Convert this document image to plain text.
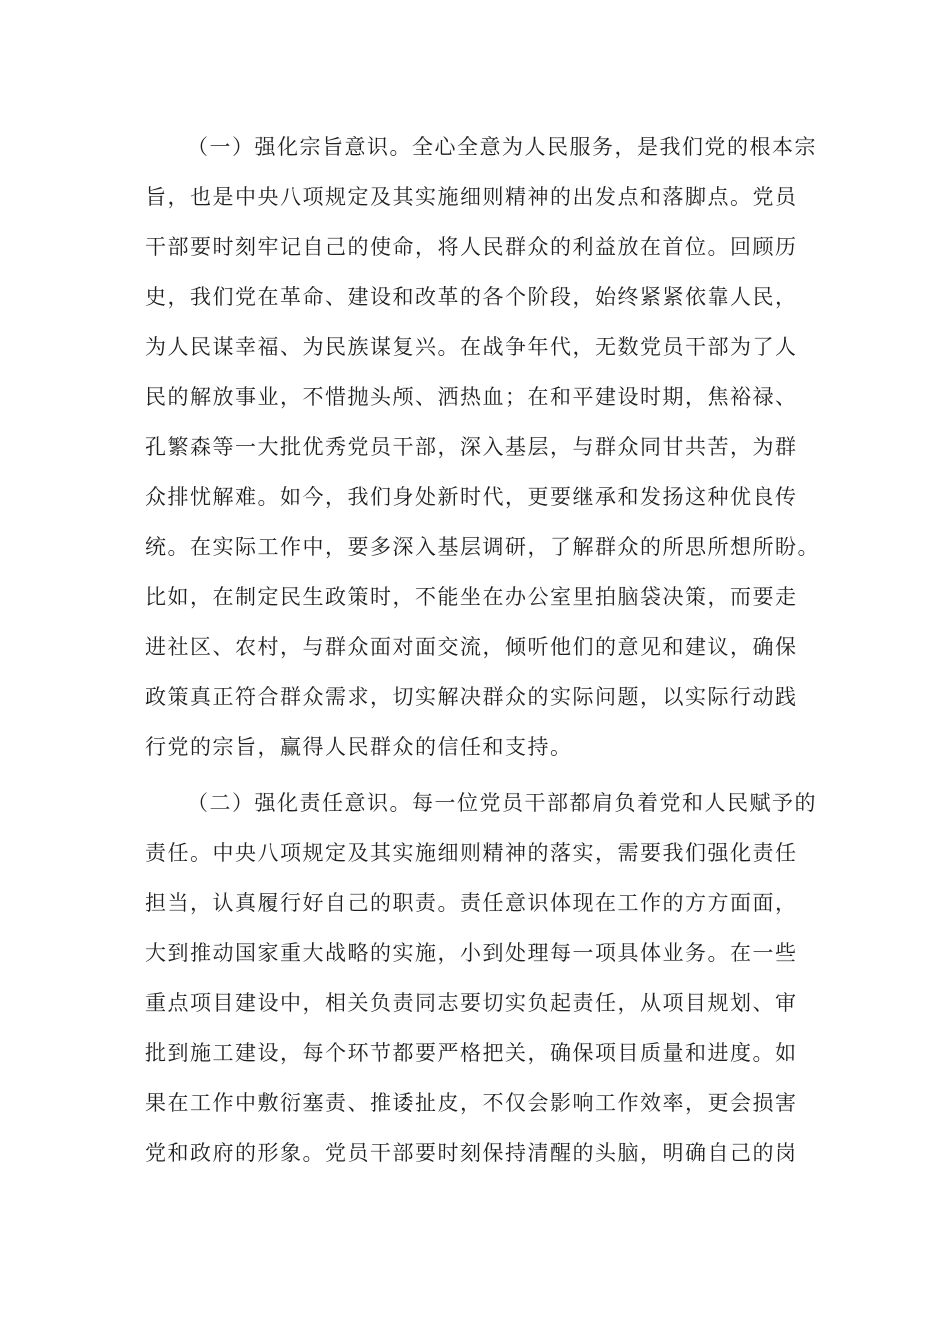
（一）强化宗旨意识。全心全意为人民服务，是我们党的根本宗
旨，也是中央八项规定及其实施细则精神的出发点和落脚点。党员
干部要时刻牢记自己的使命，将人民群众的利益放在首位。回顾历
史，我们党在革命、建设和改革的各个阶段，始终紧紧依靠人民，
为人民谋幸福、为民族谋复兴。在战争年代，无数党员干部为了人
民的解放事业，不惜抛头颅、洒热血；在和平建设时期，焦裕禄、
孔繁森等一大批优秀党员干部，深入基层，与群众同甘共苦，为群
众排忧解难。如今，我们身处新时代，更要继承和发扬这种优良传
统。在实际工作中，要多深入基层调研，了解群众的所思所想所盼。
比如，在制定民生政策时，不能坐在办公室里拍脑袋决策，而要走
进社区、农村，与群众面对面交流，倾听他们的意见和建议，确保
政策真正符合群众需求，切实解决群众的实际问题，以实际行动践
行党的宗旨，赢得人民群众的信任和支持。
（二）强化责任意识。每一位党员干部都肩负着党和人民赋予的
责任。中央八项规定及其实施细则精神的落实，需要我们强化责任
担当，认真履行好自己的职责。责任意识体现在工作的方方面面，
大到推动国家重大战略的实施，小到处理每一项具体业务。在一些
重点项目建设中，相关负责同志要切实负起责任，从项目规划、审
批到施工建设，每个环节都要严格把关，确保项目质量和进度。如
果在工作中敷衍塞责、推诿扯皮，不仅会影响工作效率，更会损害
党和政府的形象。党员干部要时刻保持清醒的头脑，明确自己的岗
